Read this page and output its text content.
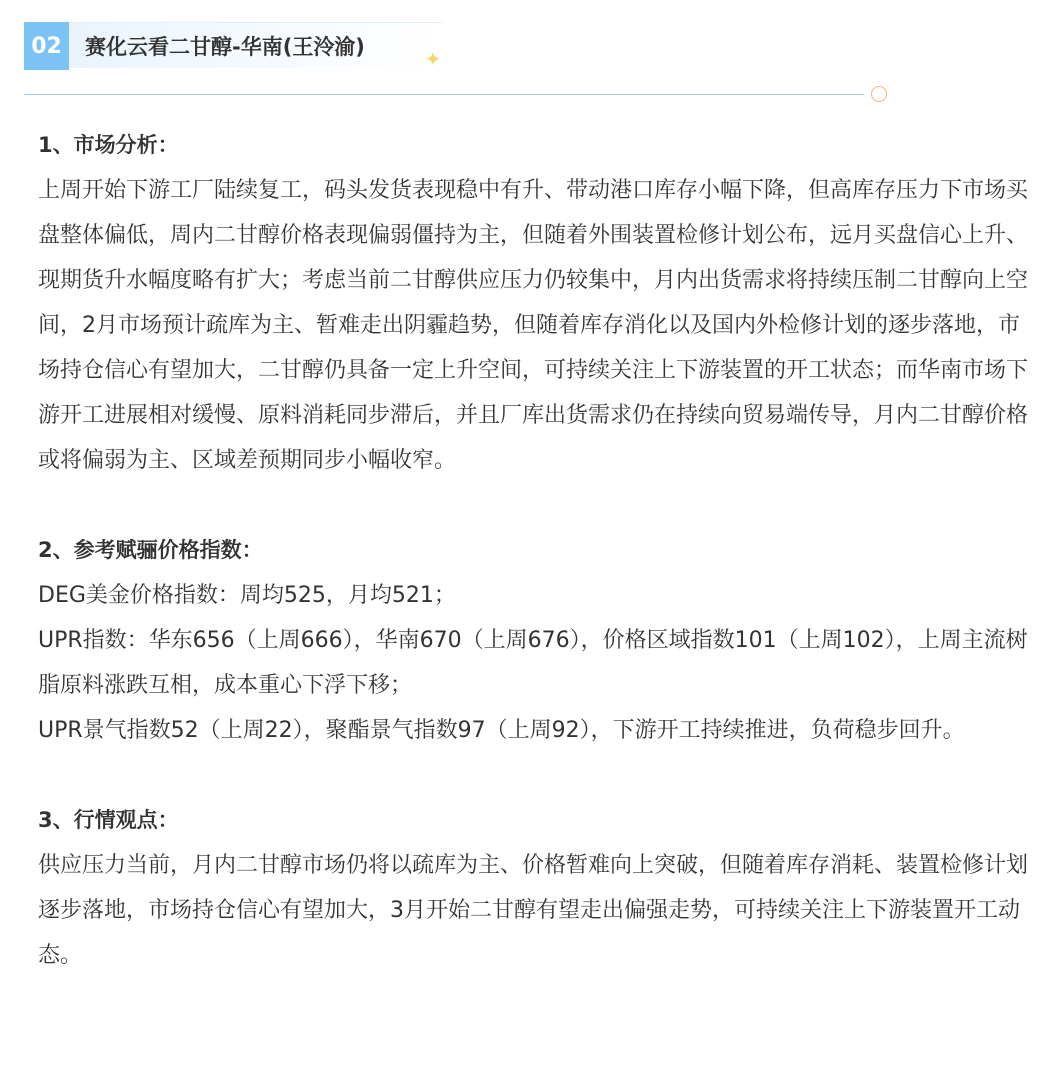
02	赛化云看二甘醇-华南(王泠渝)
✦

1、市场分析：

上周开始下游工厂陆续复工，码头发货表现稳中有升、带动港口库存小幅下降，但高库存压力下市场买盘整体偏低，周内二甘醇价格表现偏弱僵持为主，但随着外围装置检修计划公布，远月买盘信心上升、现期货升水幅度略有扩大；考虑当前二甘醇供应压力仍较集中，月内出货需求将持续压制二甘醇向上空间，2月市场预计疏库为主、暂难走出阴霾趋势，但随着库存消化以及国内外检修计划的逐步落地，市场持仓信心有望加大，二甘醇仍具备一定上升空间，可持续关注上下游装置的开工状态；而华南市场下游开工进展相对缓慢、原料消耗同步滞后，并且厂库出货需求仍在持续向贸易端传导，月内二甘醇价格或将偏弱为主、区域差预期同步小幅收窄。

2、参考赋骊价格指数：

DEG美金价格指数：周均525，月均521；

UPR指数：华东656（上周666），华南670（上周676），价格区域指数101（上周102），上周主流树脂原料涨跌互相，成本重心下浮下移；

UPR景气指数52（上周22），聚酯景气指数97（上周92），下游开工持续推进，负荷稳步回升。

3、行情观点：

供应压力当前，月内二甘醇市场仍将以疏库为主、价格暂难向上突破，但随着库存消耗、装置检修计划逐步落地，市场持仓信心有望加大，3月开始二甘醇有望走出偏强走势，可持续关注上下游装置开工动态。
